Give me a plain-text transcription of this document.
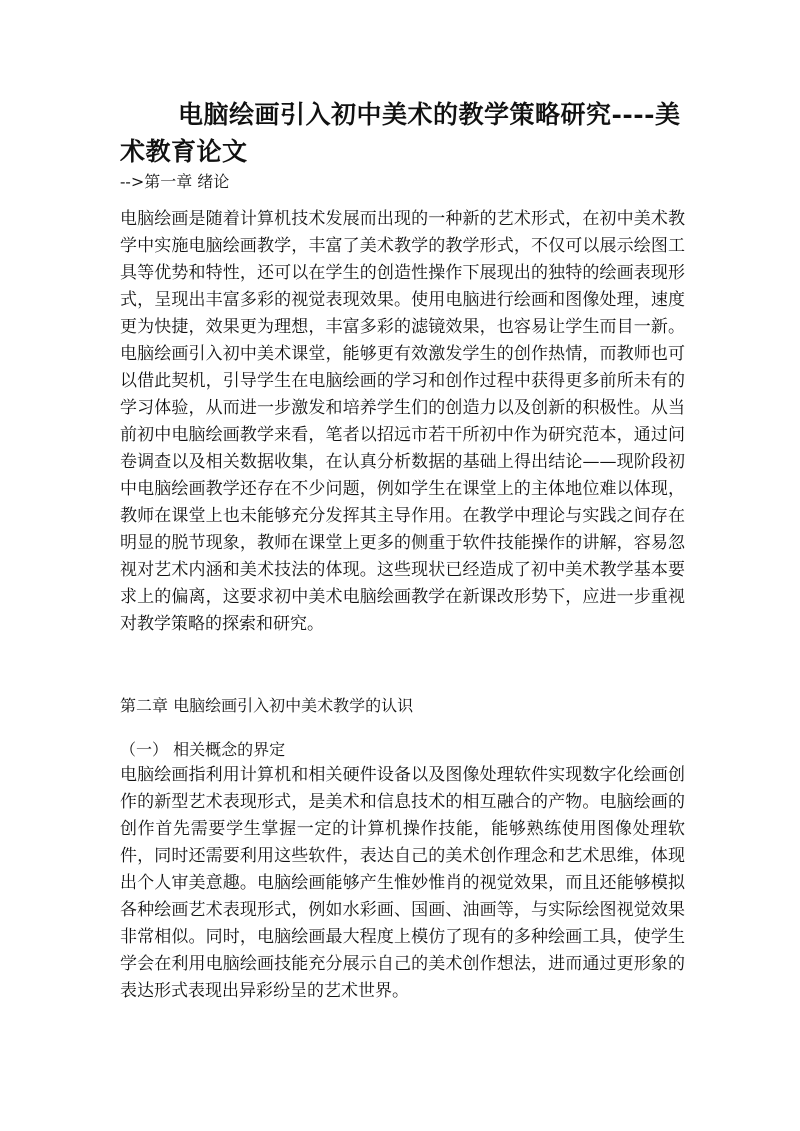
电脑绘画引入初中美术的教学策略研究----美术教育论文

-->第一章 绪论

电脑绘画是随着计算机技术发展而出现的一种新的艺术形式，在初中美术教学中实施电脑绘画教学，丰富了美术教学的教学形式，不仅可以展示绘图工具等优势和特性，还可以在学生的创造性操作下展现出的独特的绘画表现形式，呈现出丰富多彩的视觉表现效果。使用电脑进行绘画和图像处理，速度更为快捷，效果更为理想，丰富多彩的滤镜效果，也容易让学生而目一新。电脑绘画引入初中美术课堂，能够更有效激发学生的创作热情，而教师也可以借此契机，引导学生在电脑绘画的学习和创作过程中获得更多前所未有的学习体验，从而进一步激发和培养学生们的创造力以及创新的积极性。从当前初中电脑绘画教学来看，笔者以招远市若干所初中作为研究范本，通过问卷调查以及相关数据收集，在认真分析数据的基础上得出结论——现阶段初中电脑绘画教学还存在不少问题，例如学生在课堂上的主体地位难以体现，教师在课堂上也未能够充分发挥其主导作用。在教学中理论与实践之间存在明显的脱节现象，教师在课堂上更多的侧重于软件技能操作的讲解，容易忽视对艺术内涵和美术技法的体现。这些现状已经造成了初中美术教学基本要求上的偏离，这要求初中美术电脑绘画教学在新课改形势下，应进一步重视对教学策略的探索和研究。

第二章 电脑绘画引入初中美术教学的认识

（一） 相关概念的界定

电脑绘画指利用计算机和相关硬件设备以及图像处理软件实现数字化绘画创作的新型艺术表现形式，是美术和信息技术的相互融合的产物。电脑绘画的创作首先需要学生掌握一定的计算机操作技能，能够熟练使用图像处理软件，同时还需要利用这些软件，表达自己的美术创作理念和艺术思维，体现出个人审美意趣。电脑绘画能够产生惟妙惟肖的视觉效果，而且还能够模拟各种绘画艺术表现形式，例如水彩画、国画、油画等，与实际绘图视觉效果非常相似。同时，电脑绘画最大程度上模仿了现有的多种绘画工具，使学生学会在利用电脑绘画技能充分展示自己的美术创作想法，进而通过更形象的表达形式表现出异彩纷呈的艺术世界。
